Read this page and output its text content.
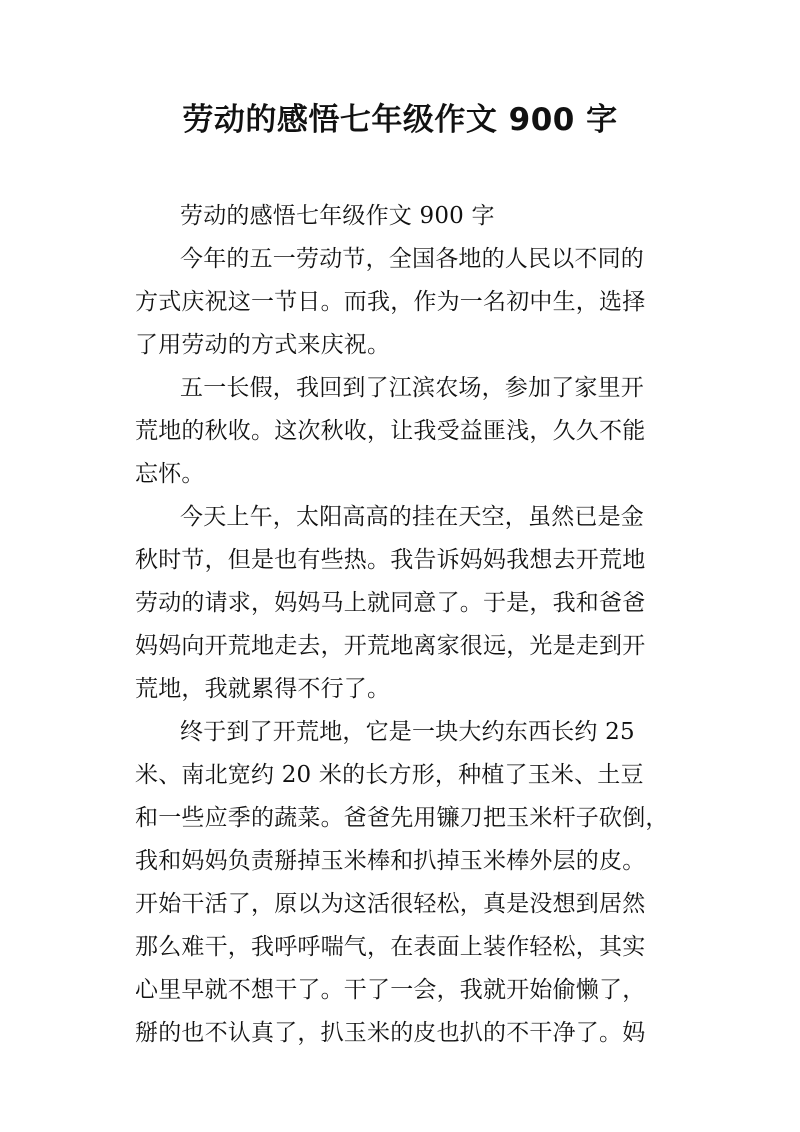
劳动的感悟七年级作文 900 字

劳动的感悟七年级作文 900 字

今年的五一劳动节，全国各地的人民以不同的

方式庆祝这一节日。而我，作为一名初中生，选择

了用劳动的方式来庆祝。

五一长假，我回到了江滨农场，参加了家里开

荒地的秋收。这次秋收，让我受益匪浅，久久不能

忘怀。

今天上午，太阳高高的挂在天空，虽然已是金

秋时节，但是也有些热。我告诉妈妈我想去开荒地

劳动的请求，妈妈马上就同意了。于是，我和爸爸

妈妈向开荒地走去，开荒地离家很远，光是走到开

荒地，我就累得不行了。

终于到了开荒地，它是一块大约东西长约 25

米、南北宽约 20 米的长方形，种植了玉米、土豆

和一些应季的蔬菜。爸爸先用镰刀把玉米杆子砍倒，

我和妈妈负责掰掉玉米棒和扒掉玉米棒外层的皮。

开始干活了，原以为这活很轻松，真是没想到居然

那么难干，我呼呼喘气，在表面上装作轻松，其实

心里早就不想干了。干了一会，我就开始偷懒了，

掰的也不认真了，扒玉米的皮也扒的不干净了。妈
